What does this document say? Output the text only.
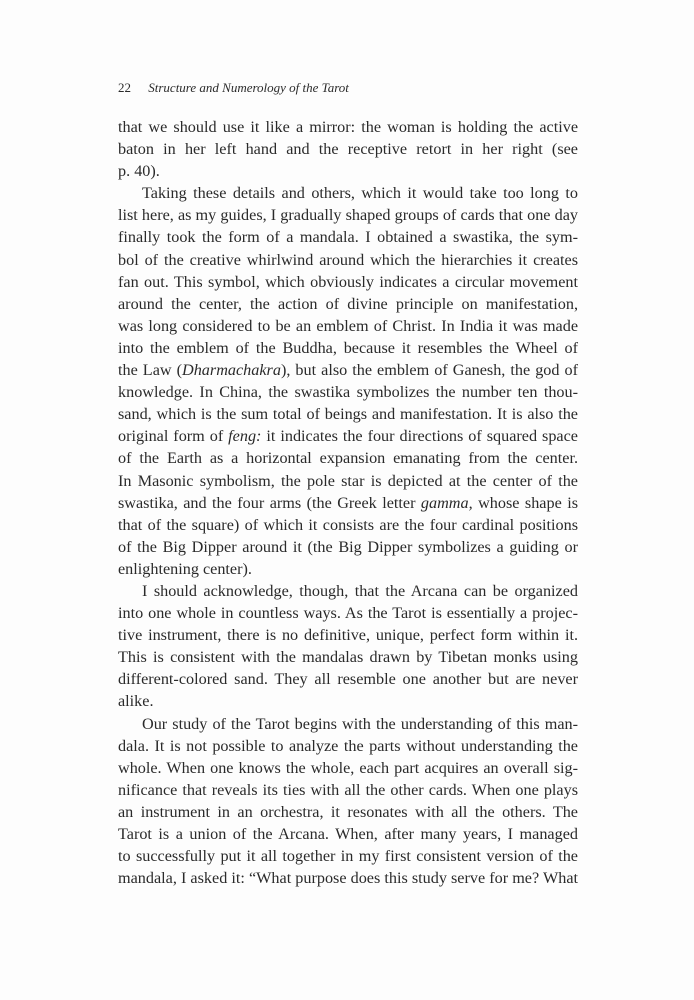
22 Structure and Numerology of the Tarot
that we should use it like a mirror: the woman is holding the active
baton in her left hand and the receptive retort in her right (see
p. 40).
Taking these details and others, which it would take too long to
list here, as my guides, I gradually shaped groups of cards that one day
finally took the form of a mandala. I obtained a swastika, the sym-
bol of the creative whirlwind around which the hierarchies it creates
fan out. This symbol, which obviously indicates a circular movement
around the center, the action of divine principle on manifestation,
was long considered to be an emblem of Christ. In India it was made
into the emblem of the Buddha, because it resembles the Wheel of
the Law (Dharmachakra), but also the emblem of Ganesh, the god of
knowledge. In China, the swastika symbolizes the number ten thou-
sand, which is the sum total of beings and manifestation. It is also the
original form of feng: it indicates the four directions of squared space
of the Earth as a horizontal expansion emanating from the center.
In Masonic symbolism, the pole star is depicted at the center of the
swastika, and the four arms (the Greek letter gamma, whose shape is
that of the square) of which it consists are the four cardinal positions
of the Big Dipper around it (the Big Dipper symbolizes a guiding or
enlightening center).
I should acknowledge, though, that the Arcana can be organized
into one whole in countless ways. As the Tarot is essentially a projec-
tive instrument, there is no definitive, unique, perfect form within it.
This is consistent with the mandalas drawn by Tibetan monks using
different-colored sand. They all resemble one another but are never
alike.
Our study of the Tarot begins with the understanding of this man-
dala. It is not possible to analyze the parts without understanding the
whole. When one knows the whole, each part acquires an overall sig-
nificance that reveals its ties with all the other cards. When one plays
an instrument in an orchestra, it resonates with all the others. The
Tarot is a union of the Arcana. When, after many years, I managed
to successfully put it all together in my first consistent version of the
mandala, I asked it: “What purpose does this study serve for me? What
